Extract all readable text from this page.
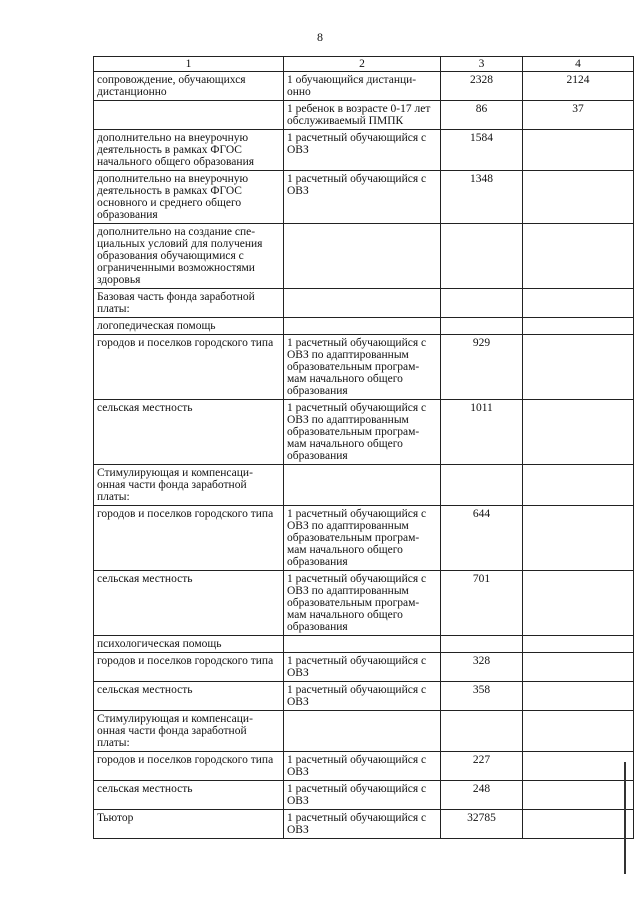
8
1	2	3	4
сопровождение, обучающихся дистанционно	1 обучающийся дистанци-онно	2328	2124
	1 ребенок в возрасте 0-17 лет обслуживаемый ПМПК	86	37
дополнительно на внеурочную деятельность в рамках ФГОС начального общего образования	1 расчетный обучающийся с ОВЗ	1584	
дополнительно на внеурочную деятельность в рамках ФГОС основного и среднего общего образования	1 расчетный обучающийся с ОВЗ	1348	
дополнительно на создание спе-циальных условий для получения образования обучающимися с ограниченными возможностями здоровья			
Базовая часть фонда заработной платы:			
логопедическая помощь			
городов и поселков городского типа	1 расчетный обучающийся с ОВЗ по адаптированным образовательным програм-мам начального общего образования	929	
сельская местность	1 расчетный обучающийся с ОВЗ по адаптированным образовательным програм-мам начального общего образования	1011	
Стимулирующая и компенсаци-онная части фонда заработной платы:			
городов и поселков городского типа	1 расчетный обучающийся с ОВЗ по адаптированным образовательным програм-мам начального общего образования	644	
сельская местность	1 расчетный обучающийся с ОВЗ по адаптированным образовательным програм-мам начального общего образования	701	
психологическая помощь			
городов и поселков городского типа	1 расчетный обучающийся с ОВЗ	328	
сельская местность	1 расчетный обучающийся с ОВЗ	358	
Стимулирующая и компенсаци-онная части фонда заработной платы:			
городов и поселков городского типа	1 расчетный обучающийся с ОВЗ	227	
сельская местность	1 расчетный обучающийся с ОВЗ	248	
Тьютор	1 расчетный обучающийся с ОВЗ	32785	
